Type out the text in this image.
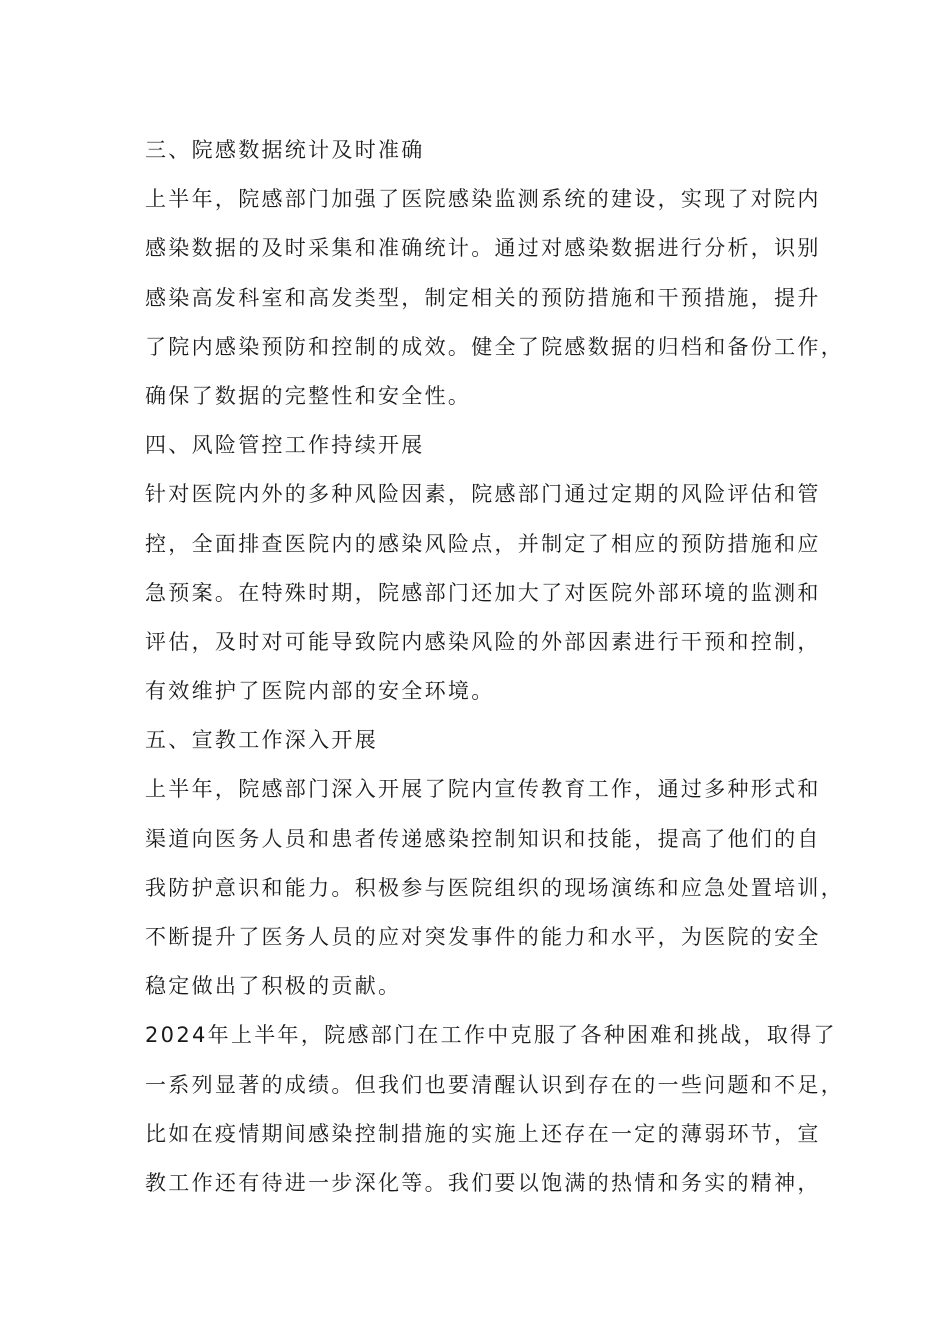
三、院感数据统计及时准确
上半年，院感部门加强了医院感染监测系统的建设，实现了对院内
感染数据的及时采集和准确统计。通过对感染数据进行分析，识别
感染高发科室和高发类型，制定相关的预防措施和干预措施，提升
了院内感染预防和控制的成效。健全了院感数据的归档和备份工作，
确保了数据的完整性和安全性。
四、风险管控工作持续开展
针对医院内外的多种风险因素，院感部门通过定期的风险评估和管
控，全面排查医院内的感染风险点，并制定了相应的预防措施和应
急预案。在特殊时期，院感部门还加大了对医院外部环境的监测和
评估，及时对可能导致院内感染风险的外部因素进行干预和控制，
有效维护了医院内部的安全环境。
五、宣教工作深入开展
上半年，院感部门深入开展了院内宣传教育工作，通过多种形式和
渠道向医务人员和患者传递感染控制知识和技能，提高了他们的自
我防护意识和能力。积极参与医院组织的现场演练和应急处置培训，
不断提升了医务人员的应对突发事件的能力和水平，为医院的安全
稳定做出了积极的贡献。
2024年上半年，院感部门在工作中克服了各种困难和挑战，取得了
一系列显著的成绩。但我们也要清醒认识到存在的一些问题和不足，
比如在疫情期间感染控制措施的实施上还存在一定的薄弱环节，宣
教工作还有待进一步深化等。我们要以饱满的热情和务实的精神，
